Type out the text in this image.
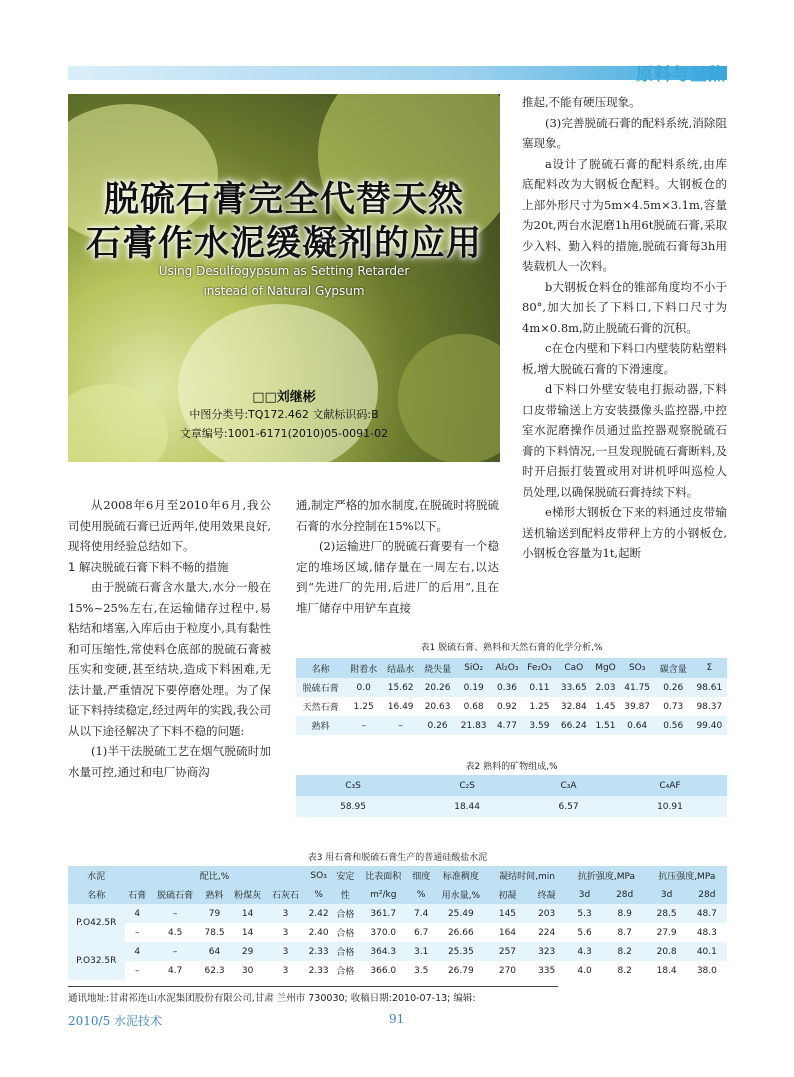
原料与呈热
脱硫石膏完全代替天然
石膏作水泥缓凝剂的应用
Using Desulfogypsum as Setting Retarder
instead of Natural Gypsum
□□刘继彬
中图分类号:TQ172.462 文献标识码:B
文章编号:1001-6171(2010)05-0091-02

从2008年6月至2010年6月,我公司使用脱硫石膏已近两年,使用效果良好,现将使用经验总结如下。

1 解决脱硫石膏下料不畅的措施

由于脱硫石膏含水量大,水分一般在15%~25%左右,在运输储存过程中,易粘结和堵塞,入库后由于粒度小,具有黏性和可压缩性,常使料仓底部的脱硫石膏被压实和变硬,甚至结块,造成下料困难,无法计量,严重情况下要停磨处理。为了保证下料持续稳定,经过两年的实践,我公司从以下途径解决了下料不稳的问题:

(1)半干法脱硫工艺在烟气脱硫时加水量可控,通过和电厂协商沟

通,制定严格的加水制度,在脱硫时将脱硫石膏的水分控制在15%以下。

(2)运输进厂的脱硫石膏要有一个稳定的堆场区域,储存量在一周左右,以达到“先进厂的先用,后进厂的后用”,且在堆厂储存中用铲车直接

推起,不能有硬压现象。

(3)完善脱硫石膏的配料系统,消除阻塞现象。

a设计了脱硫石膏的配料系统,由库底配料改为大钢板仓配料。大钢板仓的上部外形尺寸为5m×4.5m×3.1m,容量为20t,两台水泥磨1h用6t脱硫石膏,采取少入料、勤入料的措施,脱硫石膏每3h用装载机人一次料。

b大钢板仓料仓的锥部角度均不小于80°,加大加长了下料口,下料口尺寸为4m×0.8m,防止脱硫石膏的沉积。

c在仓内壁和下料口内壁装防粘塑料板,增大脱硫石膏的下滑速度。

d下料口外壁安装电打振动器,下料口皮带输送上方安装摄像头监控器,中控室水泥磨操作员通过监控器观察脱硫石膏的下料情况,一旦发现脱硫石膏断料,及时开启振打装置或用对讲机呼叫巡检人员处理,以确保脱硫石膏持续下料。

e梯形大钢板仓下来的料通过皮带输送机输送到配料皮带秤上方的小钢板仓,小钢板仓容量为1t,起断

表1 脱硫石膏、熟料和天然石膏的化学分析,%
名称	附着水	结晶水	烧失量	SiO₂	Al₂O₃	Fe₂O₃	CaO	MgO	SO₃	碳含量	Σ
脱硫石膏	0.0	15.62	20.26	0.19	0.36	0.11	33.65	2.03	41.75	0.26	98.61
天然石膏	1.25	16.49	20.63	0.68	0.92	1.25	32.84	1.45	39.87	0.73	98.37
熟料	–	–	0.26	21.83	4.77	3.59	66.24	1.51	0.64	0.56	99.40
表2 熟料的矿物组成,%
C₃S	C₂S	C₃A	C₄AF
58.95	18.44	6.57	10.91
表3 用石膏和脱硫石膏生产的普通硅酸盐水泥
水泥	配比,%					SO₃	安定	比表面积	细度	标准稠度	凝结时间,min		抗折强度,MPa		抗压强度,MPa	
名称	石膏	脱硫石膏	熟料	粉煤灰	石灰石	%	性	m²/kg	%	用水量,%	初凝	终凝	3d	28d	3d	28d
P.O42.5R	4	–	79	14	3	2.42	合格	361.7	7.4	25.49	145	203	5.3	8.9	28.5	48.7
	–	4.5	78.5	14	3	2.40	合格	370.0	6.7	26.66	164	224	5.6	8.7	27.9	48.3
P.O32.5R	4	–	64	29	3	2.33	合格	364.3	3.1	25.35	257	323	4.3	8.2	20.8	40.1
	–	4.7	62.3	30	3	2.33	合格	366.0	3.5	26.79	270	335	4.0	8.2	18.4	38.0
通讯地址:甘肃祁连山水泥集团股份有限公司,甘肃 兰州市 730030; 收稿日期:2010-07-13; 编辑:
2010/5 水泥技术	91
